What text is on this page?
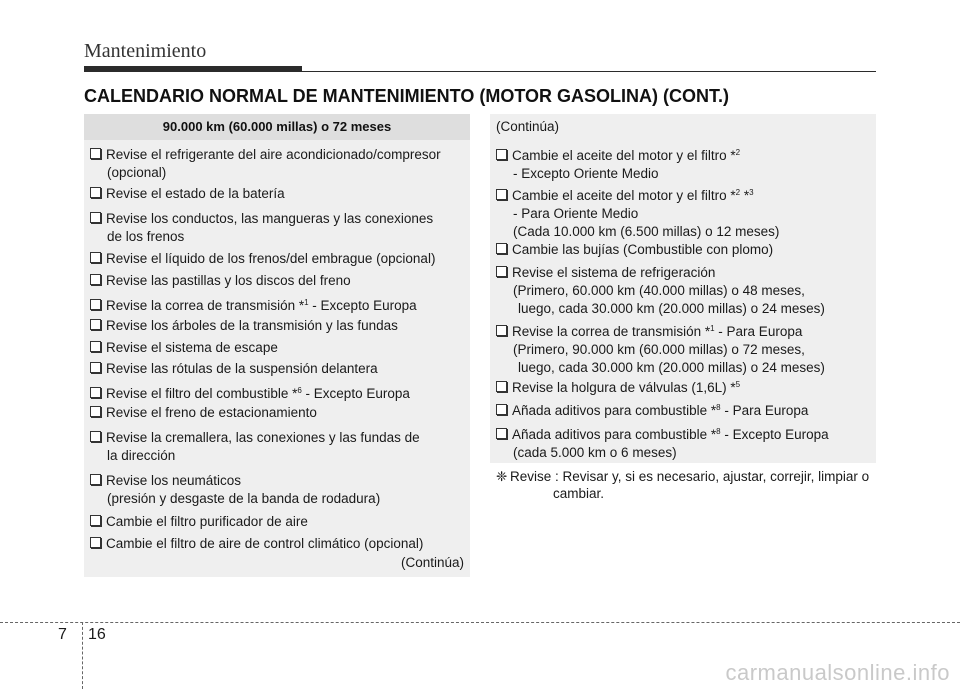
Mantenimiento
CALENDARIO NORMAL DE MANTENIMIENTO (MOTOR GASOLINA) (CONT.)
90.000 km (60.000 millas) o 72 meses
Revise el refrigerante del aire acondicionado/compresor
(opcional)
Revise el estado de la batería
Revise los conductos, las mangueras y las conexiones
de los frenos
Revise el líquido de los frenos/del embrague (opcional)
Revise las pastillas y los discos del freno
Revise la correa de transmisión *$^1$ - Excepto Europa
Revise los árboles de la transmisión y las fundas
Revise el sistema de escape
Revise las rótulas de la suspensión delantera
Revise el filtro del combustible *$^6$ - Excepto Europa
Revise el freno de estacionamiento
Revise la cremallera, las conexiones y las fundas de
la dirección
Revise los neumáticos
(presión y desgaste de la banda de rodadura)
Cambie el filtro purificador de aire
Cambie el filtro de aire de control climático (opcional)
(Continúa)
(Continúa)
Cambie el aceite del motor y el filtro *$^2$
- Excepto Oriente Medio
Cambie el aceite del motor y el filtro *$^2$ *$^3$
- Para Oriente Medio
(Cada 10.000 km (6.500 millas) o 12 meses)
Cambie las bujías (Combustible con plomo)
Revise el sistema de refrigeración
(Primero, 60.000 km (40.000 millas) o 48 meses,
luego, cada 30.000 km (20.000 millas) o 24 meses)
Revise la correa de transmisión *$^1$ - Para Europa
(Primero, 90.000 km (60.000 millas) o 72 meses,
luego, cada 30.000 km (20.000 millas) o 24 meses)
Revise la holgura de válvulas (1,6L) *$^5$
Añada aditivos para combustible *$^8$ - Para Europa
Añada aditivos para combustible *$^8$ - Excepto Europa
(cada 5.000 km o 6 meses)
❈ Revise : Revisar y, si es necesario, ajustar, correjir, limpiar o
cambiar.
7 16
carmanualsonline.info
